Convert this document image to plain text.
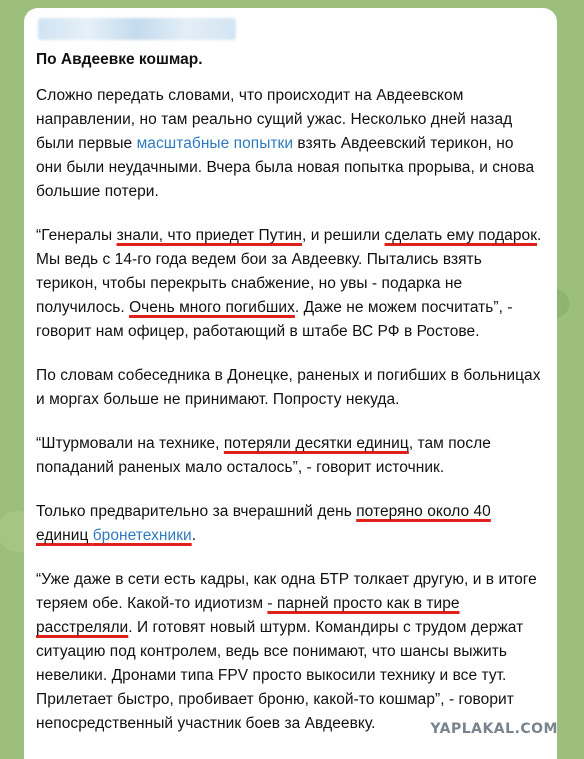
По Авдеевке кошмар.
Сложно передать словами, что происходит на Авдеевском направлении, но там реально сущий ужас. Несколько дней назад были первые масштабные попытки взять Авдеевский терикон, но они были неудачными. Вчера была новая попытка прорыва, и снова большие потери.
“Генералы знали, что приедет Путин, и решили сделать ему подарок. Мы ведь с 14-го года ведем бои за Авдеевку. Пытались взять терикон, чтобы перекрыть снабжение, но увы - подарка не получилось. Очень много погибших. Даже не можем посчитать”, - говорит нам офицер, работающий в штабе ВС РФ в Ростове.
По словам собеседника в Донецке, раненых и погибших в больницах и моргах больше не принимают. Попросту некуда.
“Штурмовали на технике, потеряли десятки единиц, там после попаданий раненых мало осталось”, - говорит источник.
Только предварительно за вчерашний день потеряно около 40 единиц бронетехники.
“Уже даже в сети есть кадры, как одна БТР толкает другую, и в итоге теряем обе. Какой-то идиотизм - парней просто как в тире расстреляли. И готовят новый штурм. Командиры с трудом держат ситуацию под контролем, ведь все понимают, что шансы выжить невелики. Дронами типа FPV просто выкосили технику и все тут. Прилетает быстро, пробивает броню, какой-то кошмар”, - говорит непосредственный участник боев за Авдеевку.	YAPLAKAL.COM
